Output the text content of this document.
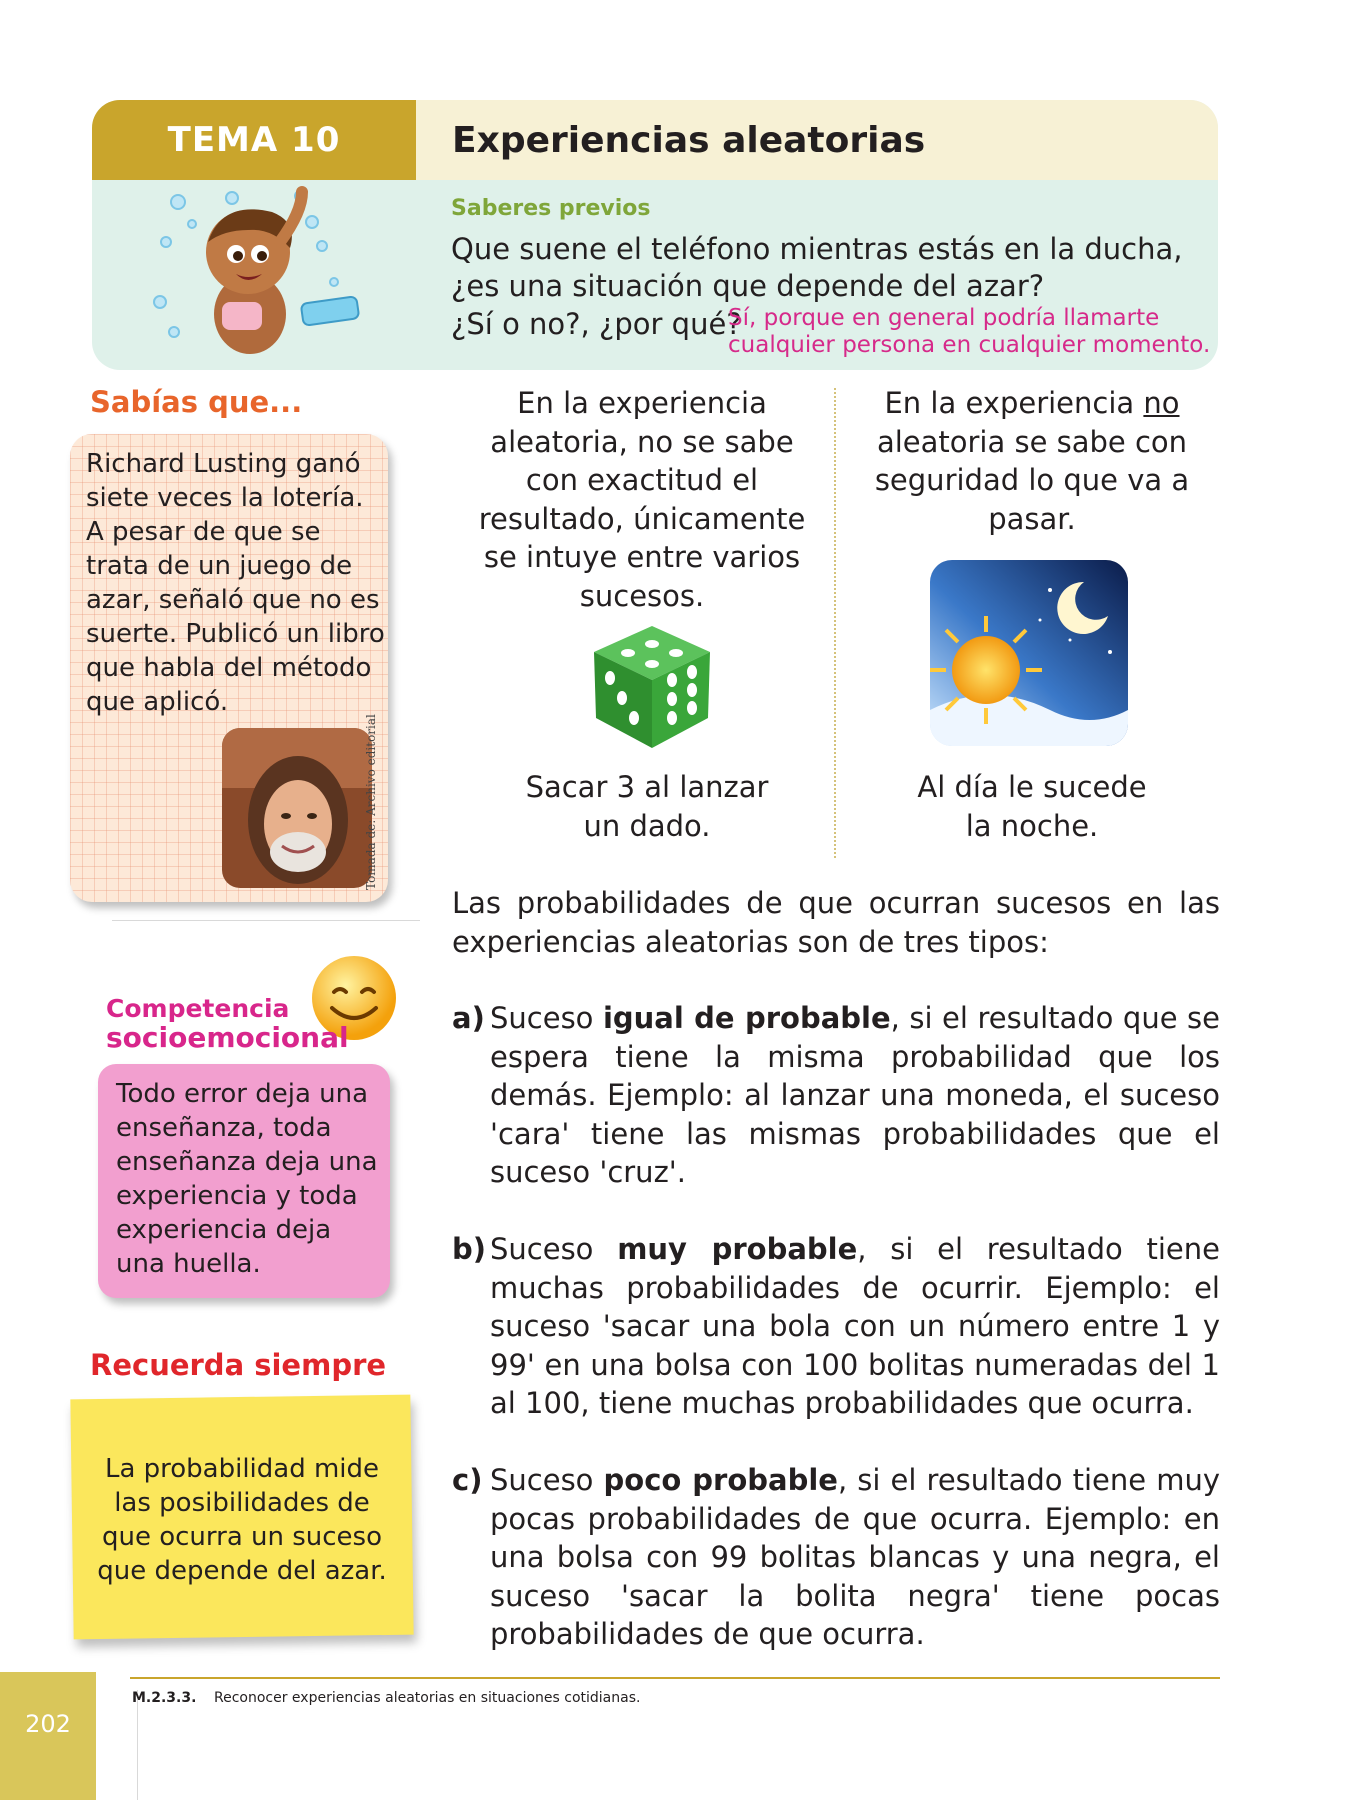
TEMA 10	Experiencias aleatorias
Saberes previos
Que suene el teléfono mientras estás en la ducha,
¿es una situación que depende del azar?
¿Sí o no?, ¿por qué?
Sí, porque en general podría llamarte
cualquier persona en cualquier momento.
Sabías que...
Richard Lusting ganó siete veces la lotería. A pesar de que se trata de un juego de azar, señaló que no es suerte. Publicó un libro que habla del método que aplicó.
Tomada de: Archivo editorial
Competencia
socioemocional
Todo error deja una enseñanza, toda enseñanza deja una experiencia y toda experiencia deja una huella.
Recuerda siempre
La probabilidad mide las posibilidades de que ocurra un suceso que depende del azar.
En la experiencia aleatoria, no se sabe con exactitud el resultado, únicamente se intuye entre varios sucesos.
En la experiencia no aleatoria se sabe con seguridad lo que va a pasar.
Sacar 3 al lanzar
un dado.
Al día le sucede
la noche.
Las probabilidades de que ocurran sucesos en las experiencias aleatorias son de tres tipos:
a) Suceso igual de probable, si el resultado que se espera tiene la misma probabilidad que los demás. Ejemplo: al lanzar una moneda, el suceso 'cara' tiene las mismas probabilidades que el suceso 'cruz'.
b) Suceso muy probable, si el resultado tiene muchas probabilidades de ocurrir. Ejemplo: el suceso 'sacar una bola con un número entre 1 y 99' en una bolsa con 100 bolitas numeradas del 1 al 100, tiene muchas probabilidades que ocurra.
c) Suceso poco probable, si el resultado tiene muy pocas probabilidades de que ocurra. Ejemplo: en una bolsa con 99 bolitas blancas y una negra, el suceso 'sacar la bolita negra' tiene pocas probabilidades de que ocurra.
M.2.3.3. Reconocer experiencias aleatorias en situaciones cotidianas.
202
